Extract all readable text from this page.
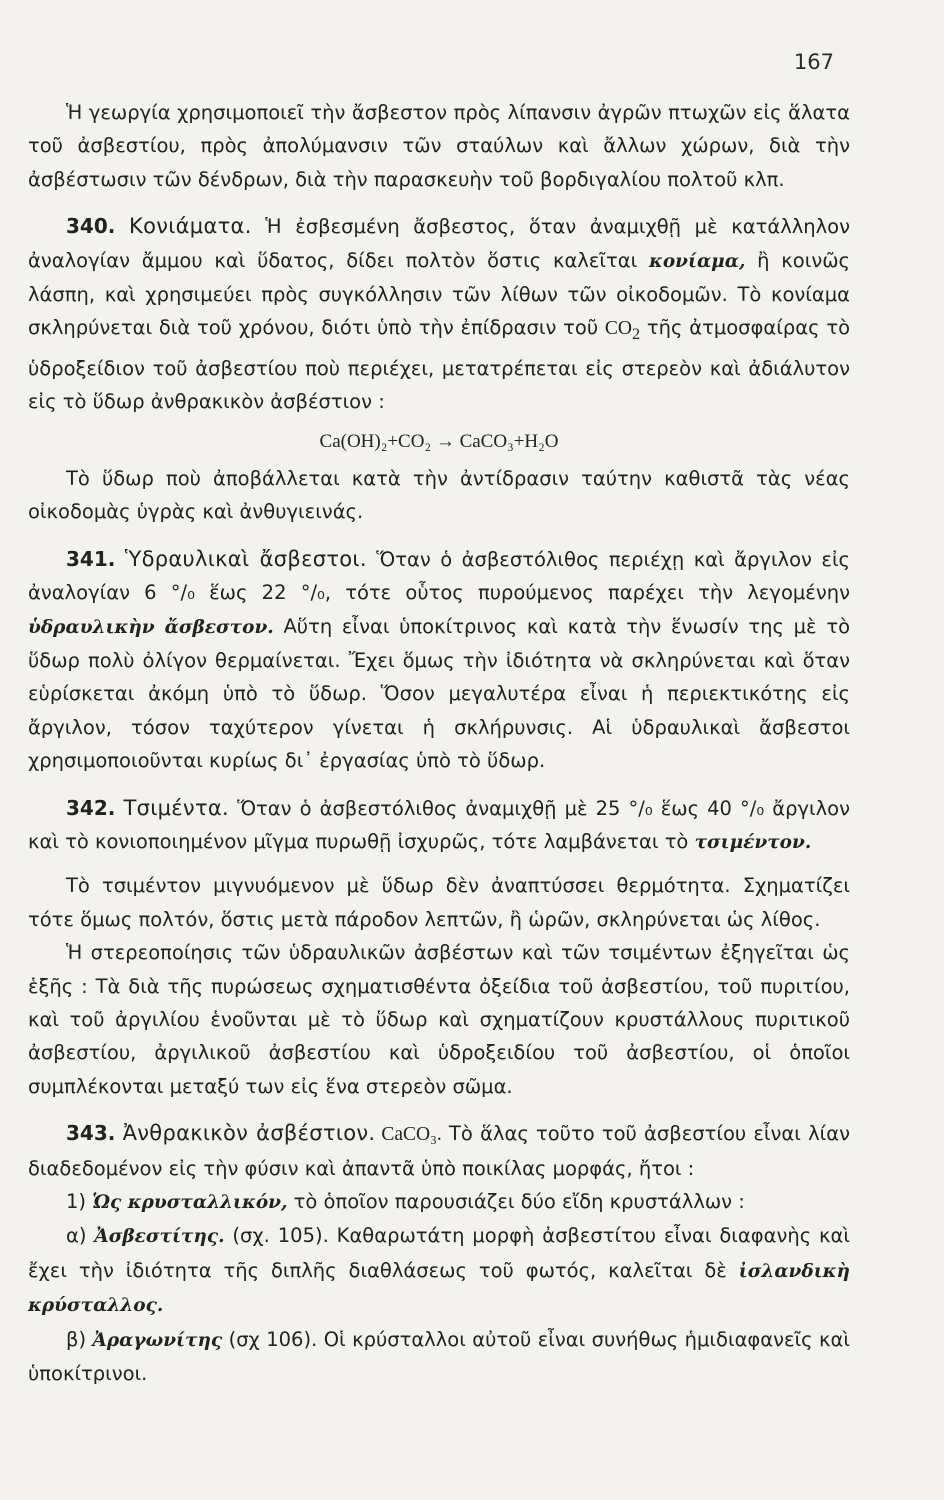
167

Ἡ γεωργία χρησιμοποιεῖ τὴν ἄσβεστον πρὸς λίπανσιν ἀγρῶν πτωχῶν εἰς ἅλατα τοῦ ἀσβεστίου, πρὸς ἀπολύμανσιν τῶν σταύλων καὶ ἄλλων χώρων, διὰ τὴν ἀσβέστωσιν τῶν δένδρων, διὰ τὴν παρασκευὴν τοῦ βορδιγαλίου πολτοῦ κλπ.

340. Κονιάματα. Ἡ ἐσβεσμένη ἄσβεστος, ὅταν ἀναμιχθῇ μὲ κατάλληλον ἀναλογίαν ἄμμου καὶ ὕδατος, δίδει πολτὸν ὅστις καλεῖται κονίαμα, ἢ κοινῶς λάσπη, καὶ χρησιμεύει πρὸς συγκόλλησιν τῶν λίθων τῶν οἰκοδομῶν. Τὸ κονίαμα σκληρύνεται διὰ τοῦ χρόνου, διότι ὑπὸ τὴν ἐπίδρασιν τοῦ $CO_2$ τῆς ἀτμοσφαίρας τὸ ὑδροξείδιον τοῦ ἀσβεστίου ποὺ περιέχει, μετατρέπεται εἰς στερεὸν καὶ ἀδιάλυτον εἰς τὸ ὕδωρ ἀνθρακικὸν ἀσβέστιον :

Ca(OH)₂+CO₂ → CaCO₃+H₂O

Τὸ ὕδωρ ποὺ ἀποβάλλεται κατὰ τὴν ἀντίδρασιν ταύτην καθιστᾶ τὰς νέας οἰκοδομὰς ὑγρὰς καὶ ἀνθυγιεινάς.

341. Ὑδραυλικαὶ ἄσβεστοι. Ὅταν ὁ ἀσβεστόλιθος περιέχῃ καὶ ἄργιλον εἰς ἀναλογίαν 6 °/₀ ἕως 22 °/₀, τότε οὗτος πυρούμενος παρέχει τὴν λεγομένην ὑδραυλικὴν ἄσβεστον. Αὕτη εἶναι ὑποκίτρινος καὶ κατὰ τὴν ἕνωσίν της μὲ τὸ ὕδωρ πολὺ ὀλίγον θερμαίνεται. Ἔχει ὅμως τὴν ἰδιότητα νὰ σκληρύνεται καὶ ὅταν εὑρίσκεται ἀκόμη ὑπὸ τὸ ὕδωρ. Ὅσον μεγαλυτέρα εἶναι ἡ περιεκτικότης εἰς ἄργιλον, τόσον ταχύτερον γίνεται ἡ σκλήρυνσις. Αἱ ὑδραυλικαὶ ἄσβεστοι χρησιμοποιοῦνται κυρίως δι᾽ ἐργασίας ὑπὸ τὸ ὕδωρ.

342. Τσιμέντα. Ὅταν ὁ ἀσβεστόλιθος ἀναμιχθῇ μὲ 25 °/₀ ἕως 40 °/₀ ἄργιλον καὶ τὸ κονιοποιημένον μῖγμα πυρωθῇ ἰσχυρῶς, τότε λαμβάνεται τὸ τσιμέντον.

Τὸ τσιμέντον μιγνυόμενον μὲ ὕδωρ δὲν ἀναπτύσσει θερμότητα. Σχηματίζει τότε ὅμως πολτόν, ὅστις μετὰ πάροδον λεπτῶν, ἢ ὡρῶν, σκληρύνεται ὡς λίθος.

Ἡ στερεοποίησις τῶν ὑδραυλικῶν ἀσβέστων καὶ τῶν τσιμέντων ἐξηγεῖται ὡς ἑξῆς : Τὰ διὰ τῆς πυρώσεως σχηματισθέντα ὀξείδια τοῦ ἀσβεστίου, τοῦ πυριτίου, καὶ τοῦ ἀργιλίου ἑνοῦνται μὲ τὸ ὕδωρ καὶ σχηματίζουν κρυστάλλους πυριτικοῦ ἀσβεστίου, ἀργιλικοῦ ἀσβεστίου καὶ ὑδροξειδίου τοῦ ἀσβεστίου, οἱ ὁποῖοι συμπλέκονται μεταξύ των εἰς ἕνα στερεὸν σῶμα.

343. Ἀνθρακικὸν ἀσβέστιον. CaCO₃. Τὸ ἅλας τοῦτο τοῦ ἀσβεστίου εἶναι λίαν διαδεδομένον εἰς τὴν φύσιν καὶ ἀπαντᾶ ὑπὸ ποικίλας μορφάς, ἤτοι :

1) Ὡς κρυσταλλικόν, τὸ ὁποῖον παρουσιάζει δύο εἴδη κρυστάλλων :

α) Ἀσβεστίτης. (σχ. 105). Καθαρωτάτη μορφὴ ἀσβεστίτου εἶναι διαφανὴς καὶ ἔχει τὴν ἰδιότητα τῆς διπλῆς διαθλάσεως τοῦ φωτός, καλεῖται δὲ ἰσλανδικὴ κρύσταλλος.

β) Ἀραγωνίτης (σχ 106). Οἱ κρύσταλλοι αὐτοῦ εἶναι συνήθως ἡμιδιαφανεῖς καὶ ὑποκίτρινοι.
